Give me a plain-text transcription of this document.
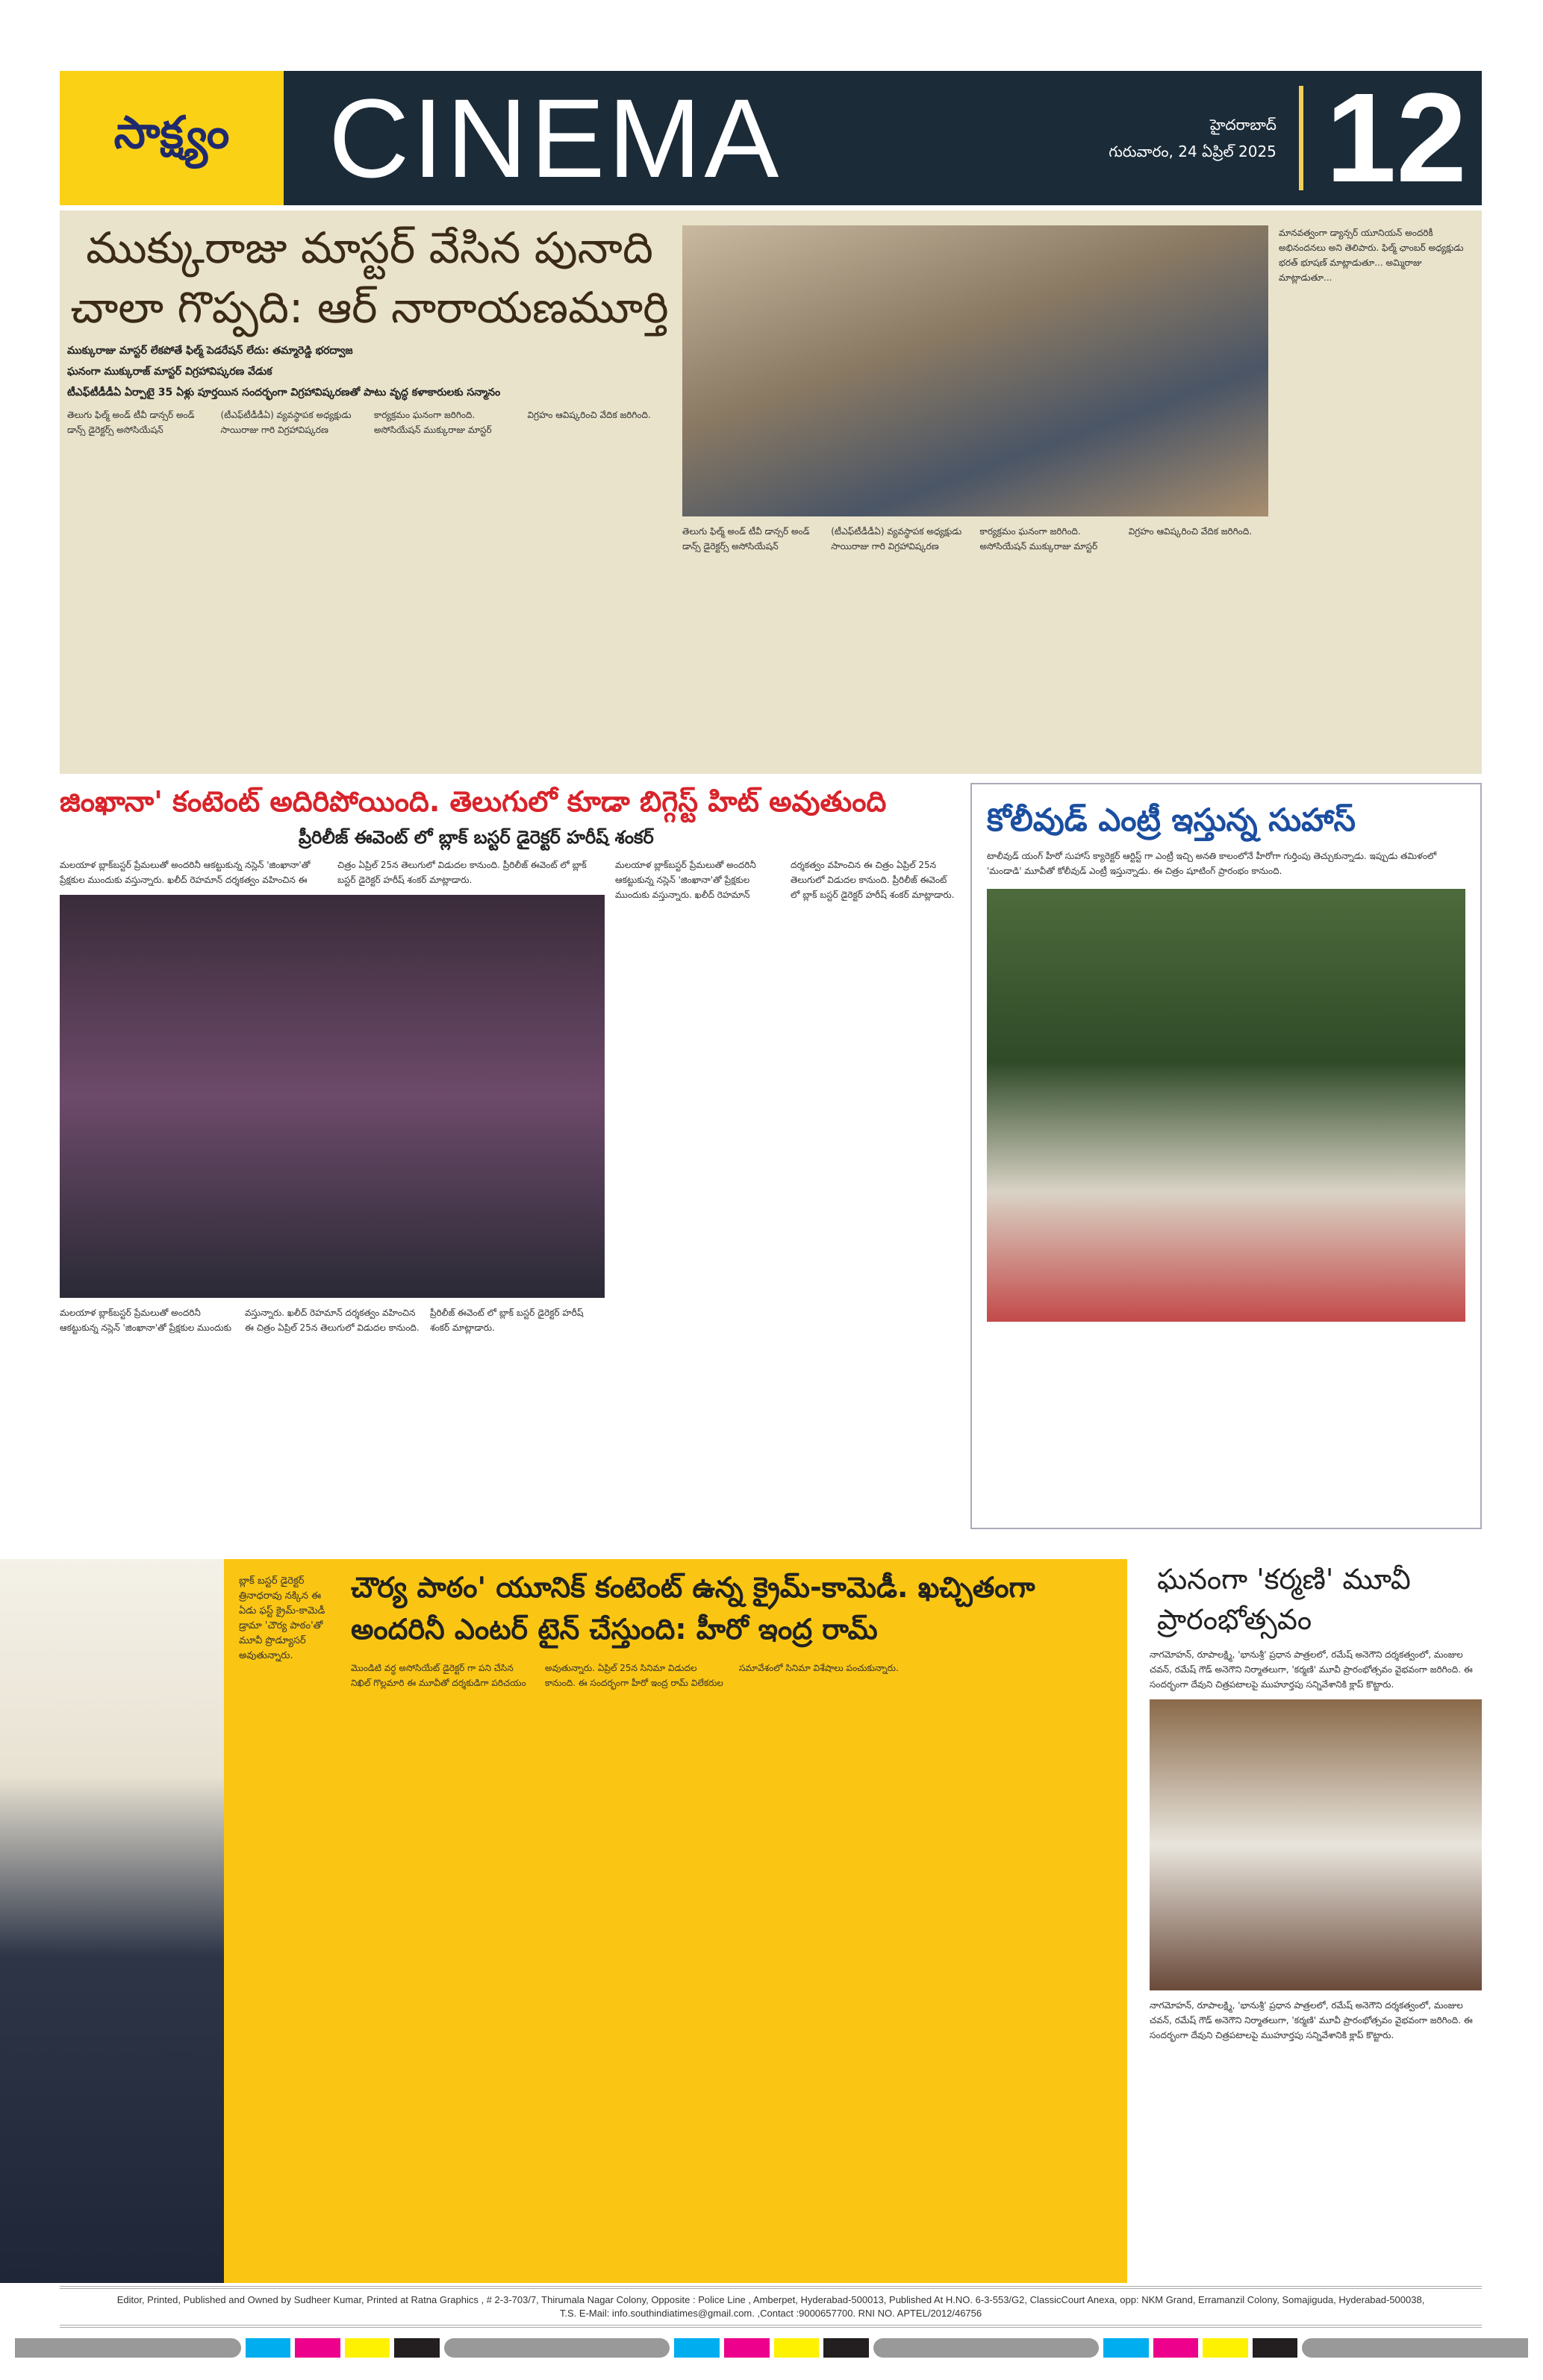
సాక్ష్యం CINEMA	హైదరాబాద్
గురువారం, 24 ఏప్రిల్ 2025 12
ముక్కురాజు మాస్టర్ వేసిన పునాది
చాలా గొప్పది: ఆర్ నారాయణమూర్తి
ముక్కురాజు మాస్టర్ లేకపోతే ఫిల్మ్ పెడరేషన్ లేదు: తమ్మారెడ్డి భరద్వాజ
ఘనంగా ముక్కురాజ్ మాస్టర్ విగ్రహావిష్కరణ వేడుక
టీఎఫ్‌టీడీడీఏ ఏర్పాటై 35 ఏళ్లు పూర్తయిన సందర్భంగా విగ్రహావిష్కరణతో పాటు వృద్ధ కళాకారులకు సన్మానం
తెలుగు ఫిల్మ్ అండ్ టీవీ డాన్సర్ అండ్ డాన్స్ డైరెక్టర్స్ అసోసియేషన్ (టీఎఫ్‌టీడీడీఏ) వ్యవస్థాపక అధ్యక్షుడు సాయిరాజు గారి విగ్రహావిష్కరణ కార్యక్రమం ఘనంగా జరిగింది. అసోసియేషన్ ముక్కురాజు మాస్టర్ విగ్రహం ఆవిష్కరించి వేదిక జరిగింది.
తెలుగు ఫిల్మ్ అండ్ టీవీ డాన్సర్ అండ్ డాన్స్ డైరెక్టర్స్ అసోసియేషన్ (టీఎఫ్‌టీడీడీఏ) వ్యవస్థాపక అధ్యక్షుడు సాయిరాజు గారి విగ్రహావిష్కరణ కార్యక్రమం ఘనంగా జరిగింది. అసోసియేషన్ ముక్కురాజు మాస్టర్ విగ్రహం ఆవిష్కరించి వేదిక జరిగింది.
మానవత్వంగా డ్యాన్సర్ యూనియన్ అందరికీ అభినందనలు అని తెలిపారు. ఫిల్మ్ ఛాంబర్ అధ్యక్షుడు భరత్ భూషణ్ మాట్లాడుతూ... అమ్మిరాజు మాట్లాడుతూ...
జింఖానా' కంటెంట్ అదిరిపోయింది. తెలుగులో కూడా బిగ్గెస్ట్ హిట్ అవుతుంది
ప్రీరిలీజ్ ఈవెంట్ లో బ్లాక్ బస్టర్ డైరెక్టర్ హరీష్ శంకర్
మలయాళ బ్లాక్‌బస్టర్ ప్రేమలుతో అందరినీ ఆకట్టుకున్న నస్లెన్ 'జింఖానా'తో ప్రేక్షకుల ముందుకు వస్తున్నారు. ఖలీద్ రెహమాన్ దర్శకత్వం వహించిన ఈ చిత్రం ఏప్రిల్ 25న తెలుగులో విడుదల కానుంది. ప్రీరిలీజ్ ఈవెంట్ లో బ్లాక్ బస్టర్ డైరెక్టర్ హరీష్ శంకర్ మాట్లాడారు.
మలయాళ బ్లాక్‌బస్టర్ ప్రేమలుతో అందరినీ ఆకట్టుకున్న నస్లెన్ 'జింఖానా'తో ప్రేక్షకుల ముందుకు వస్తున్నారు. ఖలీద్ రెహమాన్ దర్శకత్వం వహించిన ఈ చిత్రం ఏప్రిల్ 25న తెలుగులో విడుదల కానుంది. ప్రీరిలీజ్ ఈవెంట్ లో బ్లాక్ బస్టర్ డైరెక్టర్ హరీష్ శంకర్ మాట్లాడారు.
మలయాళ బ్లాక్‌బస్టర్ ప్రేమలుతో అందరినీ ఆకట్టుకున్న నస్లెన్ 'జింఖానా'తో ప్రేక్షకుల ముందుకు వస్తున్నారు. ఖలీద్ రెహమాన్ దర్శకత్వం వహించిన ఈ చిత్రం ఏప్రిల్ 25న తెలుగులో విడుదల కానుంది. ప్రీరిలీజ్ ఈవెంట్ లో బ్లాక్ బస్టర్ డైరెక్టర్ హరీష్ శంకర్ మాట్లాడారు.
కోలీవుడ్ ఎంట్రీ ఇస్తున్న సుహాస్
టాలీవుడ్ యంగ్ హీరో సుహాస్ క్యారెక్టర్ ఆర్టిస్ట్ గా ఎంట్రీ ఇచ్చి అనతి కాలంలోనే హీరోగా గుర్తింపు తెచ్చుకున్నాడు. ఇప్పుడు తమిళంలో 'మండాడి' మూవీతో కోలీవుడ్ ఎంట్రీ ఇస్తున్నాడు. ఈ చిత్రం షూటింగ్ ప్రారంభం కానుంది.
బ్లాక్ బస్టర్ డైరెక్టర్ త్రినాధరావు నక్కిన ఈ ఏడు ఫస్ట్ క్రైమ్-కామెడీ డ్రామా 'చౌర్య పాఠం'తో మూవీ ప్రొడ్యూసర్ అవుతున్నారు.
చౌర్య పాఠం' యూనిక్ కంటెంట్ ఉన్న క్రైమ్-కామెడీ. ఖచ్చితంగా అందరినీ ఎంటర్ టైన్ చేస్తుంది: హీరో ఇంద్ర రామ్
మొండిటి వర్ధ అసోసియేట్ డైరెక్టర్ గా పని చేసిన నిఖిల్ గొల్లమారి ఈ మూవీతో దర్శకుడిగా పరిచయం అవుతున్నారు. ఏప్రిల్ 25న సినిమా విడుదల కానుంది. ఈ సందర్భంగా హీరో ఇంద్ర రామ్ విలేకరుల సమావేశంలో సినిమా విశేషాలు పంచుకున్నారు.
ఘనంగా 'కర్మణి' మూవీ ప్రారంభోత్సవం
నాగమోహన్, రూపాలక్ష్మి, 'భానుశ్రీ' ప్రధాన పాత్రలలో, రమేష్ అనెగౌని దర్శకత్వంలో, మంజుల చవన్, రమేష్ గౌడ్ అనెగౌని నిర్మాతలుగా, 'కర్మణి' మూవీ ప్రారంభోత్సవం వైభవంగా జరిగింది. ఈ సందర్భంగా దేవుని చిత్రపటాలపై ముహూర్తపు సన్నివేశానికి క్లాప్ కొట్టారు.
నాగమోహన్, రూపాలక్ష్మి, 'భానుశ్రీ' ప్రధాన పాత్రలలో, రమేష్ అనెగౌని దర్శకత్వంలో, మంజుల చవన్, రమేష్ గౌడ్ అనెగౌని నిర్మాతలుగా, 'కర్మణి' మూవీ ప్రారంభోత్సవం వైభవంగా జరిగింది. ఈ సందర్భంగా దేవుని చిత్రపటాలపై ముహూర్తపు సన్నివేశానికి క్లాప్ కొట్టారు.
Editor, Printed, Published and Owned by Sudheer Kumar, Printed at Ratna Graphics , # 2-3-703/7, Thirumala Nagar Colony, Opposite : Police Line , Amberpet, Hyderabad-500013, Published At H.NO. 6-3-553/G2, ClassicCourt Anexa, opp: NKM Grand, Erramanzil Colony, Somajiguda, Hyderabad-500038,
T.S. E-Mail: info.southindiatimes@gmail.com. ,Contact :9000657700. RNI NO. APTEL/2012/46756
